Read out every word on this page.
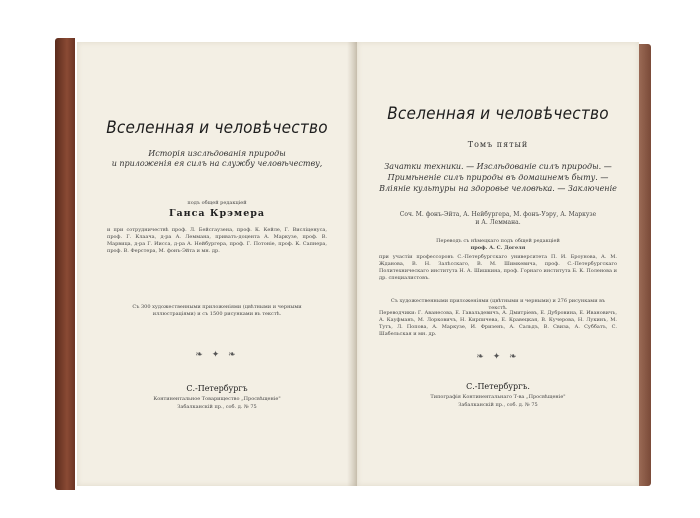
Вселенная и человѣчество
Исторія изслѣдованія природы
и приложенія ея силъ на службу человѣчеству,
подъ общей редакціей
Ганса Крэмера
и при сотрудничествѣ проф. Л. Бейсгаузена, проф. К. Кейле, Г. Висліценуса, проф. Г. Клаача, д-ра А. Леммана, приватъ-доцента А. Маркузе, проф. В. Марвица, д-ра Г. Иисса, д-ра А. Нейбургера, проф. Г. Потоніе, проф. К. Сапнера, проф. В. Ферстера, М. фонъ-Эйта и мн. др.
Съ 300 художественными приложеніями (цвѣтными и черными иллюстраціями) и съ 1500 рисунками въ текстѣ.
❧ ✦ ❧
С.-Петербургъ
Континентальное Товарищество „Просвѣщеніе"
Забалканскій пр., соб. д. № 75
Вселенная и человѣчество
Томъ пятый
Зачатки техники. — Изслѣдованіе силъ природы. —
Примѣненіе силъ природы въ домашнемъ быту. —
Вліяніе культуры на здоровье человѣка. — Заключеніе
Соч. М. фонъ-Эйта, А. Нейбургера, М. фонъ-Уэру, А. Маркузе
и А. Леммана.
Переводъ съ нѣмецкаго подъ общей редакціей
проф. А. С. Догеля
при участіи профессоровъ С.-Петербургскаго университета П. И. Броунова, А. М. Жданова, В. Н. Залѣсскаго, В. М. Шимкевича, проф. С.-Петербургскаго Политехническаго института Н. А. Шишкина, проф. Горнаго института Б. К. Поленова и др. специалистовъ.
Съ художественными приложеніями (цвѣтными и черными) и 276 рисунками въ текстѣ.
Переводчики: Г. Аванесова, Е. Гавальдевичъ, А. Дмитріевъ, Е. Дубровина, Е. Ивановичъ, А. Кауфманъ, М. Лорковичъ, Н. Кирпичева, Е. Кравецкая, В. Кучерова, Н. Лукинъ, М. Тутъ, Л. Попова, А. Маркузе, И. Фризенъ, А. Сальдъ, В. Свиза, А. Суббатъ, С. Шабельская и мн. др.
❧ ✦ ❧
С.-Петербургъ.
Типографія Континентальнаго Т-ва „Просвѣщеніе"
Забалканскій пр., соб. д. № 75
